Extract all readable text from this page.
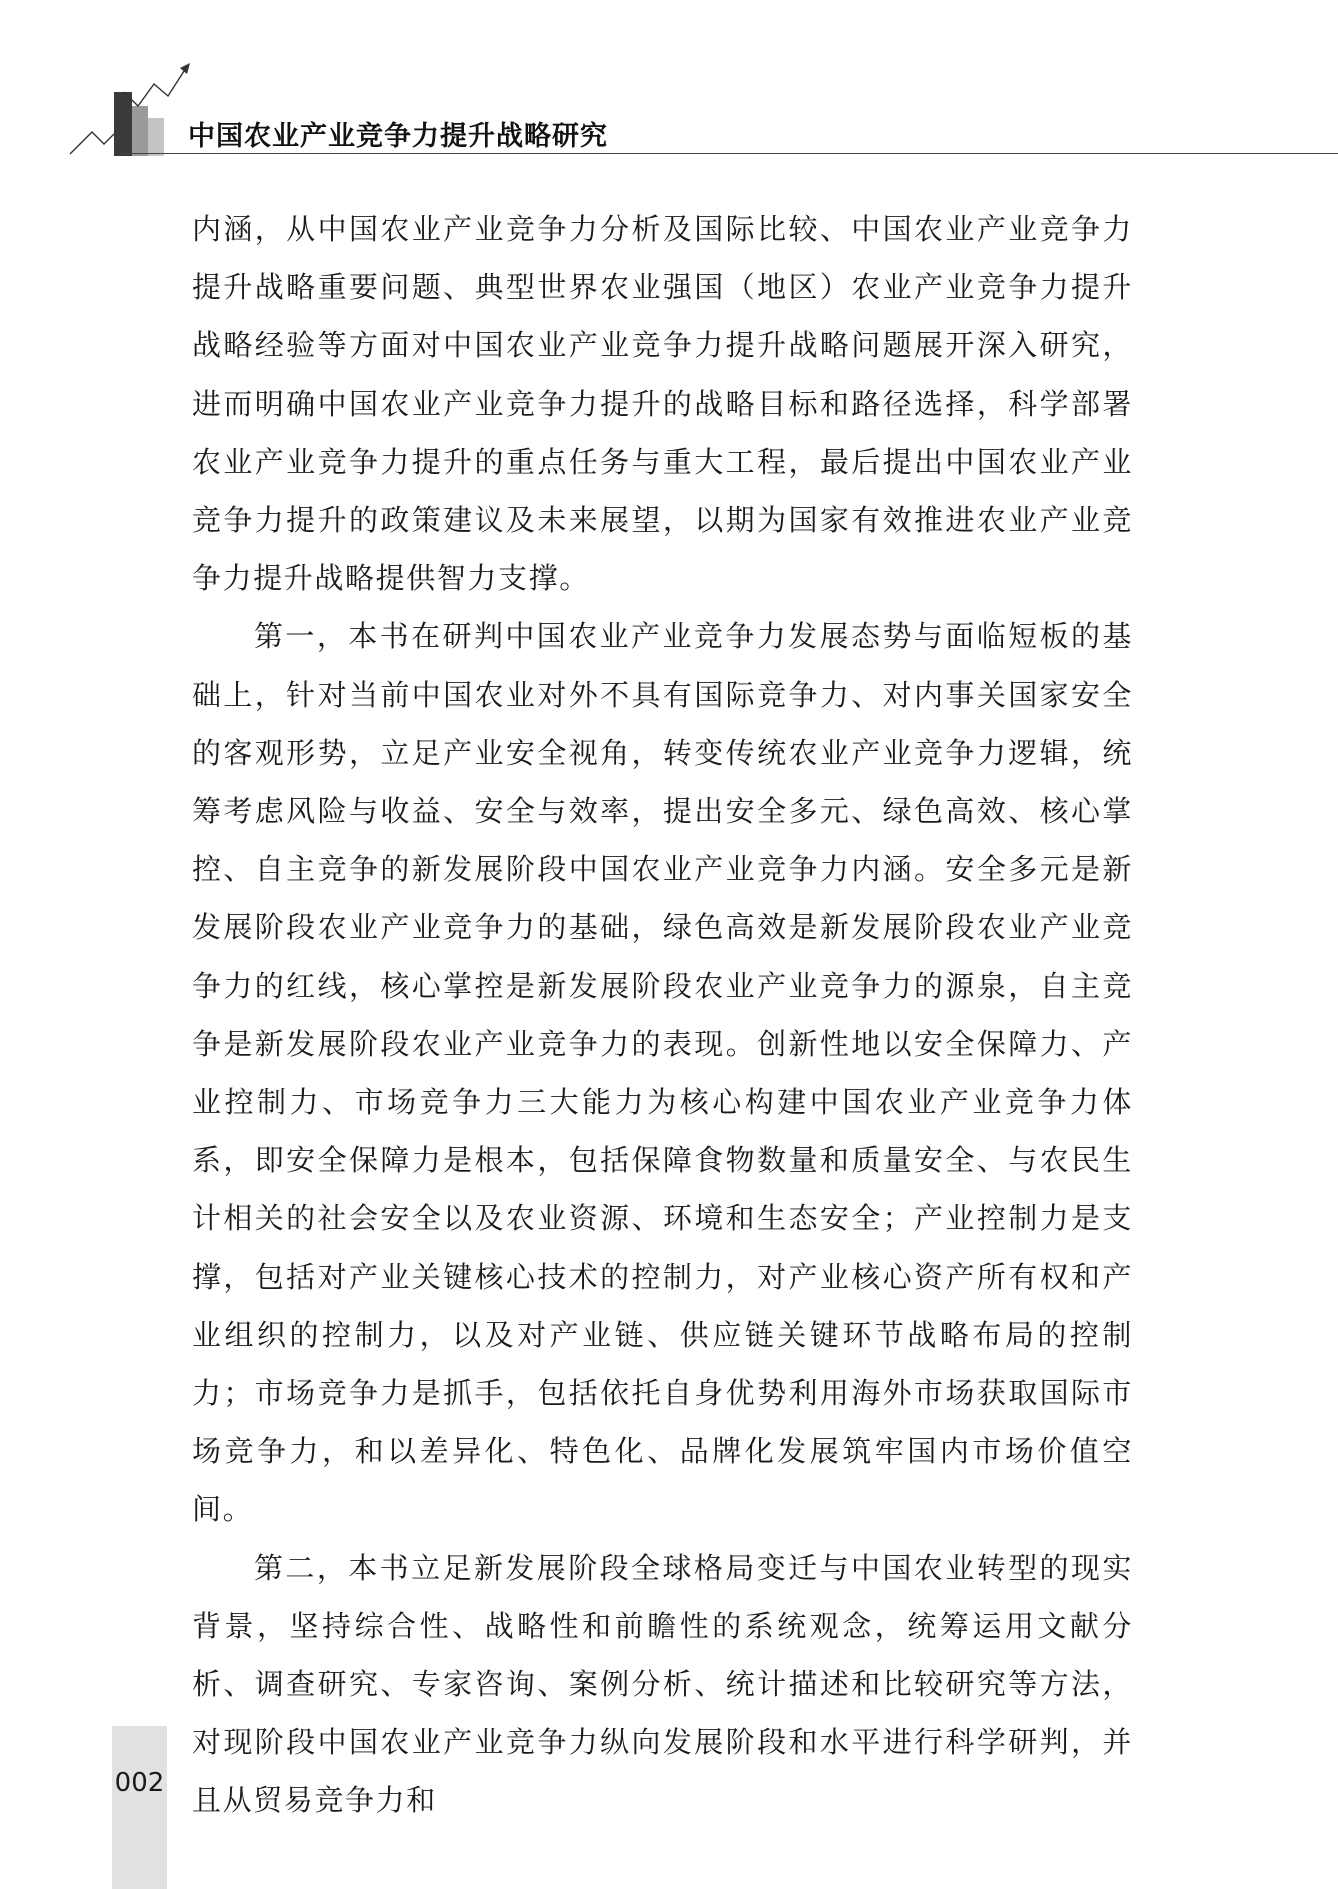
中国农业产业竞争力提升战略研究

内涵，从中国农业产业竞争力分析及国际比较、中国农业产业竞争力提升战略重要问题、典型世界农业强国（地区）农业产业竞争力提升战略经验等方面对中国农业产业竞争力提升战略问题展开深入研究，进而明确中国农业产业竞争力提升的战略目标和路径选择，科学部署农业产业竞争力提升的重点任务与重大工程，最后提出中国农业产业竞争力提升的政策建议及未来展望，以期为国家有效推进农业产业竞争力提升战略提供智力支撑。

第一，本书在研判中国农业产业竞争力发展态势与面临短板的基础上，针对当前中国农业对外不具有国际竞争力、对内事关国家安全的客观形势，立足产业安全视角，转变传统农业产业竞争力逻辑，统筹考虑风险与收益、安全与效率，提出安全多元、绿色高效、核心掌控、自主竞争的新发展阶段中国农业产业竞争力内涵。安全多元是新发展阶段农业产业竞争力的基础，绿色高效是新发展阶段农业产业竞争力的红线，核心掌控是新发展阶段农业产业竞争力的源泉，自主竞争是新发展阶段农业产业竞争力的表现。创新性地以安全保障力、产业控制力、市场竞争力三大能力为核心构建中国农业产业竞争力体系，即安全保障力是根本，包括保障食物数量和质量安全、与农民生计相关的社会安全以及农业资源、环境和生态安全；产业控制力是支撑，包括对产业关键核心技术的控制力，对产业核心资产所有权和产业组织的控制力，以及对产业链、供应链关键环节战略布局的控制力；市场竞争力是抓手，包括依托自身优势利用海外市场获取国际市场竞争力，和以差异化、特色化、品牌化发展筑牢国内市场价值空间。

第二，本书立足新发展阶段全球格局变迁与中国农业转型的现实背景，坚持综合性、战略性和前瞻性的系统观念，统筹运用文献分析、调查研究、专家咨询、案例分析、统计描述和比较研究等方法，对现阶段中国农业产业竞争力纵向发展阶段和水平进行科学研判，并且从贸易竞争力和

002
